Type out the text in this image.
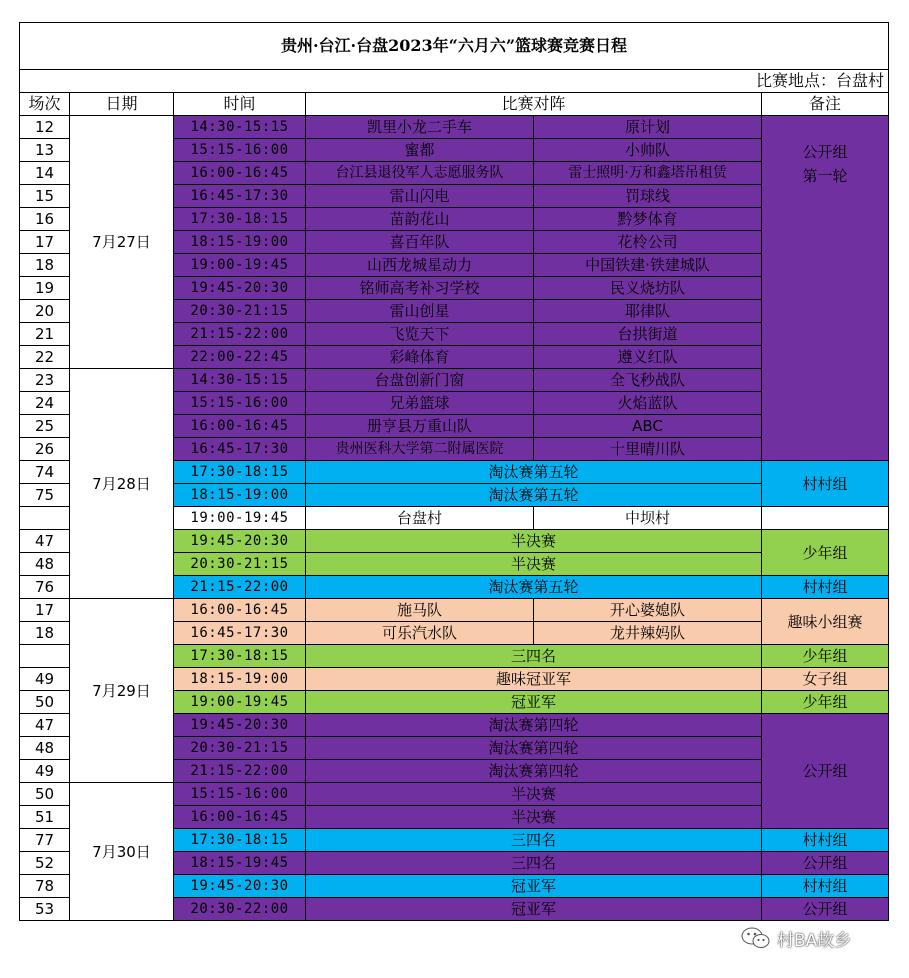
贵州·台江·台盘2023年“六月六”篮球赛竞赛日程					
比赛地点：台盘村					
场次	日期	时间	比赛对阵		备注
12	7月27日	14:30-15:15	凯里小龙二手车	原计划	公开组
第一轮
13		15:15-16:00	蜜都	小帅队	
14		16:00-16:45	台江县退役军人志愿服务队	雷士照明·万和鑫塔吊租赁	
15		16:45-17:30	雷山闪电	罚球线	
16		17:30-18:15	苗韵花山	黔梦体育	
17		18:15-19:00	喜百年队	花柃公司	
18		19:00-19:45	山西龙城星动力	中国铁建·铁建城队	
19		19:45-20:30	铭师高考补习学校	民义烧坊队	
20		20:30-21:15	雷山创星	耶律队	
21		21:15-22:00	飞览天下	台拱街道	
22		22:00-22:45	彩峰体育	遵义红队	
23	7月28日	14:30-15:15	台盘创新门窗	全飞秒战队	
24		15:15-16:00	兄弟篮球	火焰蓝队	
25		16:00-16:45	册亨县万重山队	ABC	
26		16:45-17:30	贵州医科大学第二附属医院	十里晴川队	
74		17:30-18:15	淘汰赛第五轮		村村组
75		18:15-19:00	淘汰赛第五轮		
		19:00-19:45	台盘村	中坝村	
47		19:45-20:30	半决赛		少年组
48		20:30-21:15	半决赛		
76		21:15-22:00	淘汰赛第五轮		村村组
17	7月29日	16:00-16:45	施马队	开心婆媳队	趣味小组赛
18		16:45-17:30	可乐汽水队	龙井辣妈队	
		17:30-18:15	三四名		少年组
49		18:15-19:00	趣味冠亚军		女子组
50		19:00-19:45	冠亚军		少年组
47		19:45-20:30	淘汰赛第四轮		公开组
48		20:30-21:15	淘汰赛第四轮		
49		21:15-22:00	淘汰赛第四轮		
50	7月30日	15:15-16:00	半决赛		
51		16:00-16:45	半决赛		
77		17:30-18:15	三四名		村村组
52		18:15-19:45	三四名		公开组
78		19:45-20:30	冠亚军		村村组
53		20:30-22:00	冠亚军		公开组
村BA故乡
